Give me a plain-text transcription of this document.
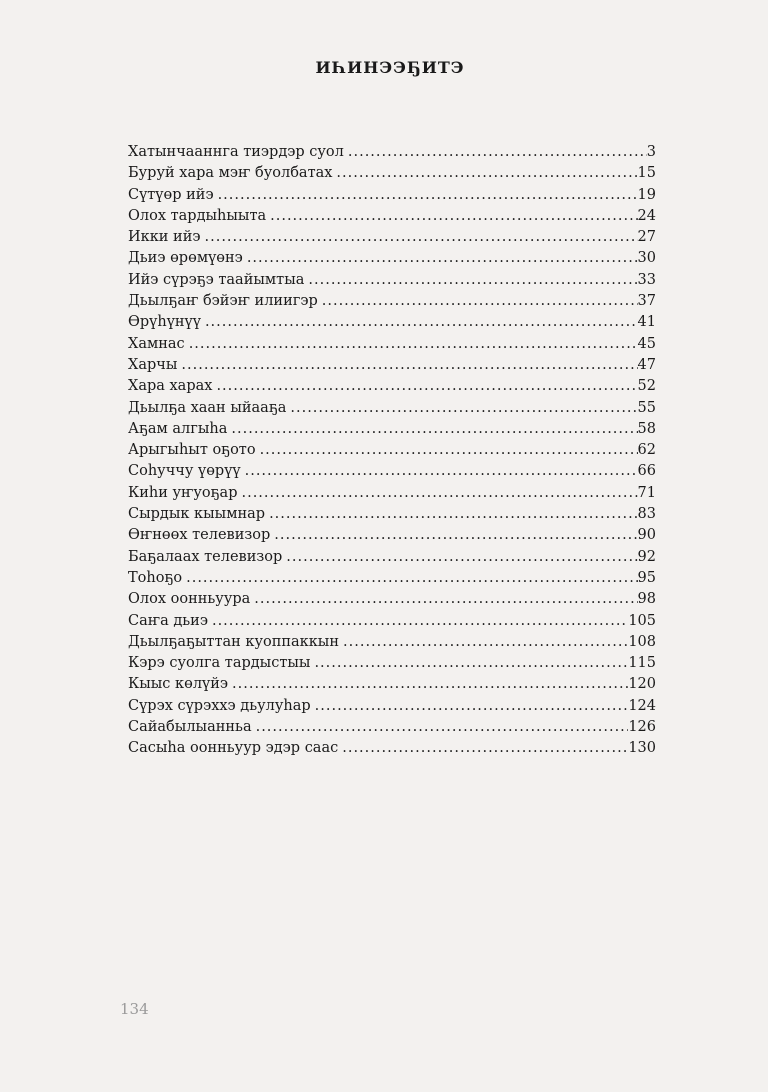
ИҺИНЭЭҔИТЭ
Хатынчааннга тиэрдэр суол .....	3
Буруй хара мэҥ буолбатах .....	15
Сүтүөр ийэ .....	19
Олох тардыһыыта .....	24
Икки ийэ .....	27
Дьиэ өрөмүөнэ .....	30
Ийэ сүрэҕэ таайымтыа .....	33
Дьылҕаҥ бэйэҥ илиигэр .....	37
Өрүһүнүү .....	41
Хамнас .....	45
Харчы .....	47
Хара харах .....	52
Дьылҕа хаан ыйааҕа .....	55
Аҕам алгыһа .....	58
Арыгыһыт оҕото .....	62
Соһуччу үөрүү .....	66
Киһи уҥуоҕар .....	71
Сырдык кыымнар .....	83
Өҥнөөх телевизор .....	90
Баҕалаах телевизор .....	92
Тоһоҕо .....	95
Олох оонньуура .....	98
Саҥа дьиэ .....	105
Дьылҕаҕыттан куоппаккын .....	108
Кэрэ суолга тардыстыы .....	115
Кыыс көлүйэ .....	120
Сүрэх сүрэххэ дьулуһар .....	124
Сайабылыанньа .....	126
Сасыһа оонньуур эдэр саас .....	130
134
